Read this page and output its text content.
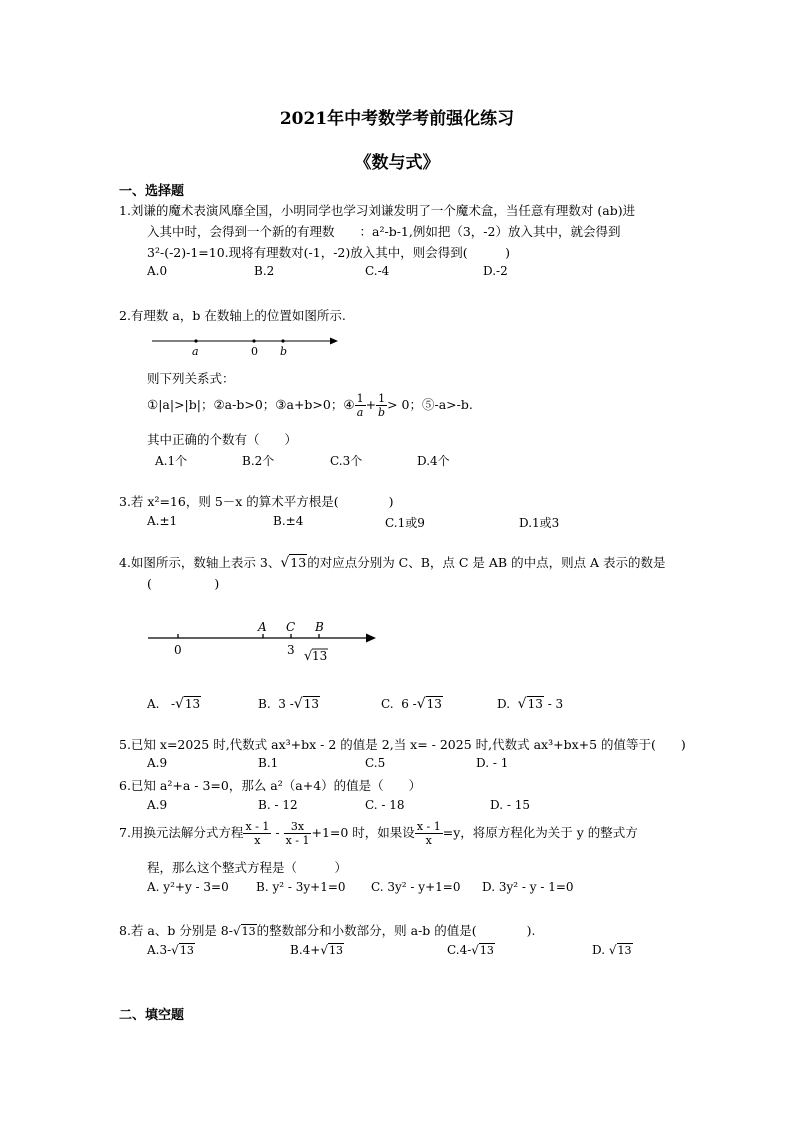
2021年中考数学考前强化练习
《数与式》
一、选择题
1.刘谦的魔术表演风靡全国，小明同学也学习刘谦发明了一个魔术盒，当任意有理数对 (ab)进
入其中时，会得到一个新的有理数　　：a²-b-1,例如把（3，-2）放入其中，就会得到
3²-(-2)-1=10.现将有理数对(-1，-2)放入其中，则会得到(　　　)
A.0	B.2	C.-4	D.-2
2.有理数 a，b 在数轴上的位置如图所示.
a	0 b
则下列关系式：
①|a|>|b|；②a-b>0；③a+b>0；④ $\frac{1}{a} + \frac{1}{b} > 0$；⑤-a>-b.
其中正确的个数有（　　）
A.1个	B.2个	C.3个	D.4个
3.若 x²=16，则 5－x 的算术平方根是(　　　　)
A.±1	B.±4	C.1或9	D.1或3
4.如图所示，数轴上表示 3、√13的对应点分别为 C、B，点 C 是 AB 的中点，则点 A 表示的数是
(　　　　　)
A C B
0	3 √ 13
A. -√13	B. 3 -√13	C. 6 -√13	D. √13 - 3
5.已知 x=2025 时,代数式 ax³+bx - 2 的值是 2,当 x= - 2025 时,代数式 ax³+bx+5 的值等于(　　)
A.9	B.1	C.5	D. - 1
6.已知 a²+a - 3=0，那么 a²（a+4）的值是（　　）
A.9	B. - 12	C. - 18	D. - 15
7.用换元法解分式方程 $\frac{x - 1}{x} - \frac{3x}{x - 1} +1=0$ 时，如果设 $\frac{x - 1}{x} =y$，将原方程化为关于 y 的整式方
程，那么这个整式方程是（　　　）
A. y²+y - 3=0 B. y² - 3y+1=0 C. 3y² - y+1=0 D. 3y² - y - 1=0
8.若 a、b 分别是 8-√13的整数部分和小数部分，则 a-b 的值是(　　　　).
A.3-√13	B.4+√13	C.4-√13	D. √13
二、填空题
